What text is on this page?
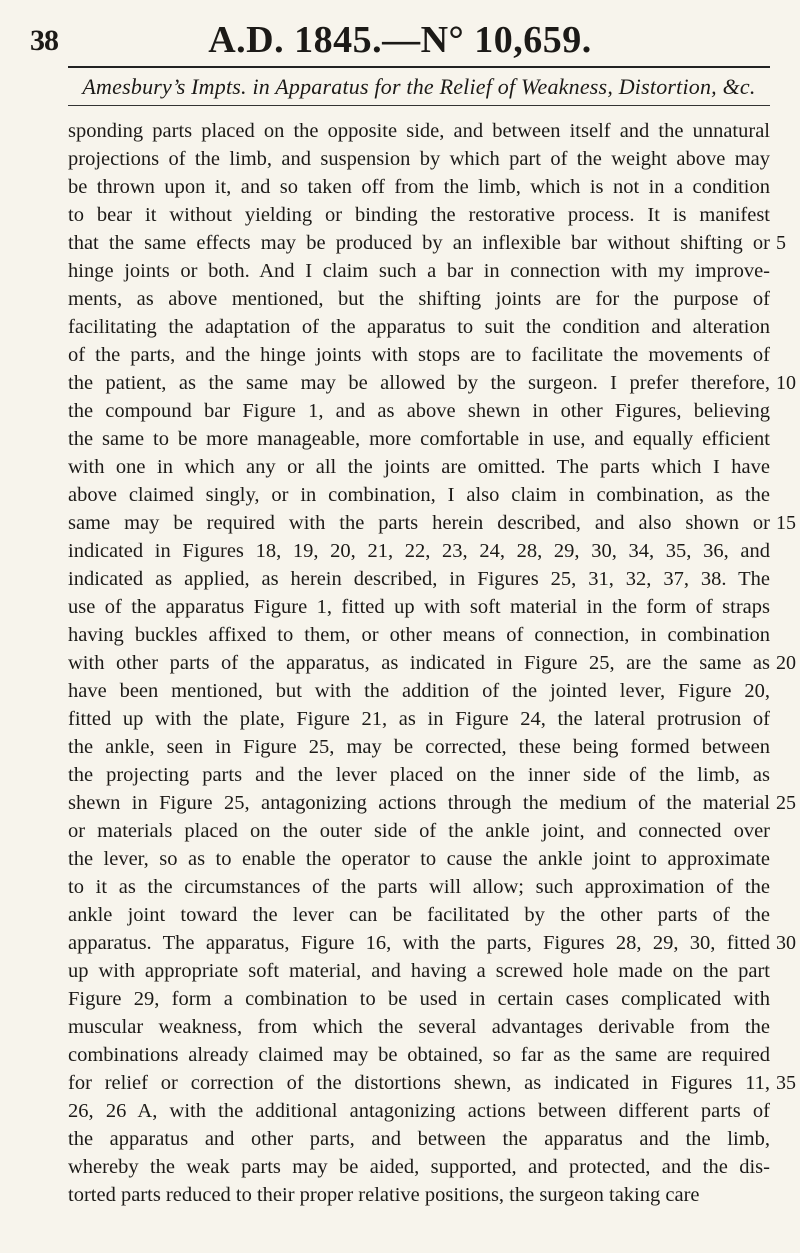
38	A.D. 1845.—N° 10,659.
Amesbury’s Impts. in Apparatus for the Relief of Weakness, Distortion, &c.
sponding parts placed on the opposite side, and between itself and the unnatural
projections of the limb, and suspension by which part of the weight above may
be thrown upon it, and so taken off from the limb, which is not in a condition
to bear it without yielding or binding the restorative process. It is manifest
that the same effects may be produced by an inflexible bar without shifting or
hinge joints or both. And I claim such a bar in connection with my improve-
ments, as above mentioned, but the shifting joints are for the purpose of
facilitating the adaptation of the apparatus to suit the condition and alteration
of the parts, and the hinge joints with stops are to facilitate the movements of
the patient, as the same may be allowed by the surgeon. I prefer therefore,
the compound bar Figure 1, and as above shewn in other Figures, believing
the same to be more manageable, more comfortable in use, and equally efficient
with one in which any or all the joints are omitted. The parts which I have
above claimed singly, or in combination, I also claim in combination, as the
same may be required with the parts herein described, and also shown or
indicated in Figures 18, 19, 20, 21, 22, 23, 24, 28, 29, 30, 34, 35, 36, and
indicated as applied, as herein described, in Figures 25, 31, 32, 37, 38. The
use of the apparatus Figure 1, fitted up with soft material in the form of straps
having buckles affixed to them, or other means of connection, in combination
with other parts of the apparatus, as indicated in Figure 25, are the same as
have been mentioned, but with the addition of the jointed lever, Figure 20,
fitted up with the plate, Figure 21, as in Figure 24, the lateral protrusion of
the ankle, seen in Figure 25, may be corrected, these being formed between
the projecting parts and the lever placed on the inner side of the limb, as
shewn in Figure 25, antagonizing actions through the medium of the material
or materials placed on the outer side of the ankle joint, and connected over
the lever, so as to enable the operator to cause the ankle joint to approximate
to it as the circumstances of the parts will allow; such approximation of the
ankle joint toward the lever can be facilitated by the other parts of the
apparatus. The apparatus, Figure 16, with the parts, Figures 28, 29, 30, fitted
up with appropriate soft material, and having a screwed hole made on the part
Figure 29, form a combination to be used in certain cases complicated with
muscular weakness, from which the several advantages derivable from the
combinations already claimed may be obtained, so far as the same are required
for relief or correction of the distortions shewn, as indicated in Figures 11,
26, 26 A, with the additional antagonizing actions between different parts of
the apparatus and other parts, and between the apparatus and the limb,
whereby the weak parts may be aided, supported, and protected, and the dis-
torted parts reduced to their proper relative positions, the surgeon taking care
5
10
15
20
25
30
35
